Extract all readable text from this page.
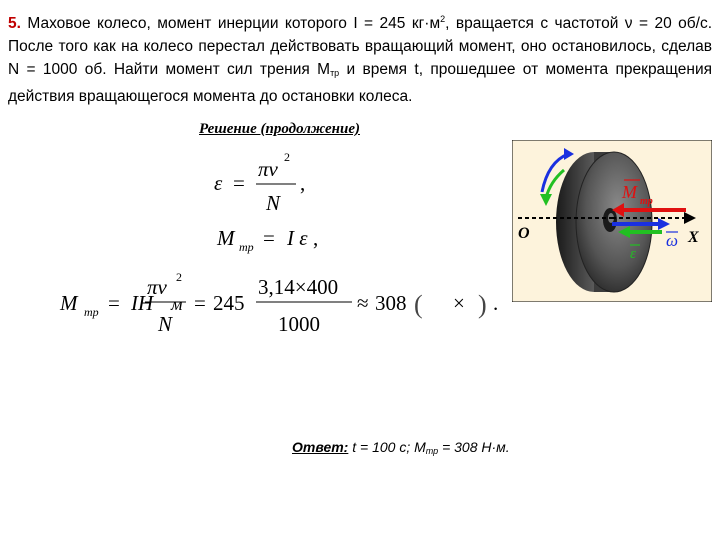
5. Маховое колесо, момент инерции которого I = 245 $кг\cdot м^2$, вращается с частотой ν = 20 об/с. После того как на колесо перестал действовать вращающий момент, оно остановилось, сделав N = 1000 об. Найти момент сил трения $M_{тр}$ и время t, прошедшее от момента прекращения действия вращающегося момента до остановки колеса.
Решение (продолжение)
ε =
πν 2
N
,
M тр = I ε ,
M тр = IH
πν 2
м
N
= 245
3,14×400
1000
≈ 308 ( × ) .
O	X
M тр
ω
ε
Ответ: t = 100 с; $M_{тр} = 308$ Н·м.
